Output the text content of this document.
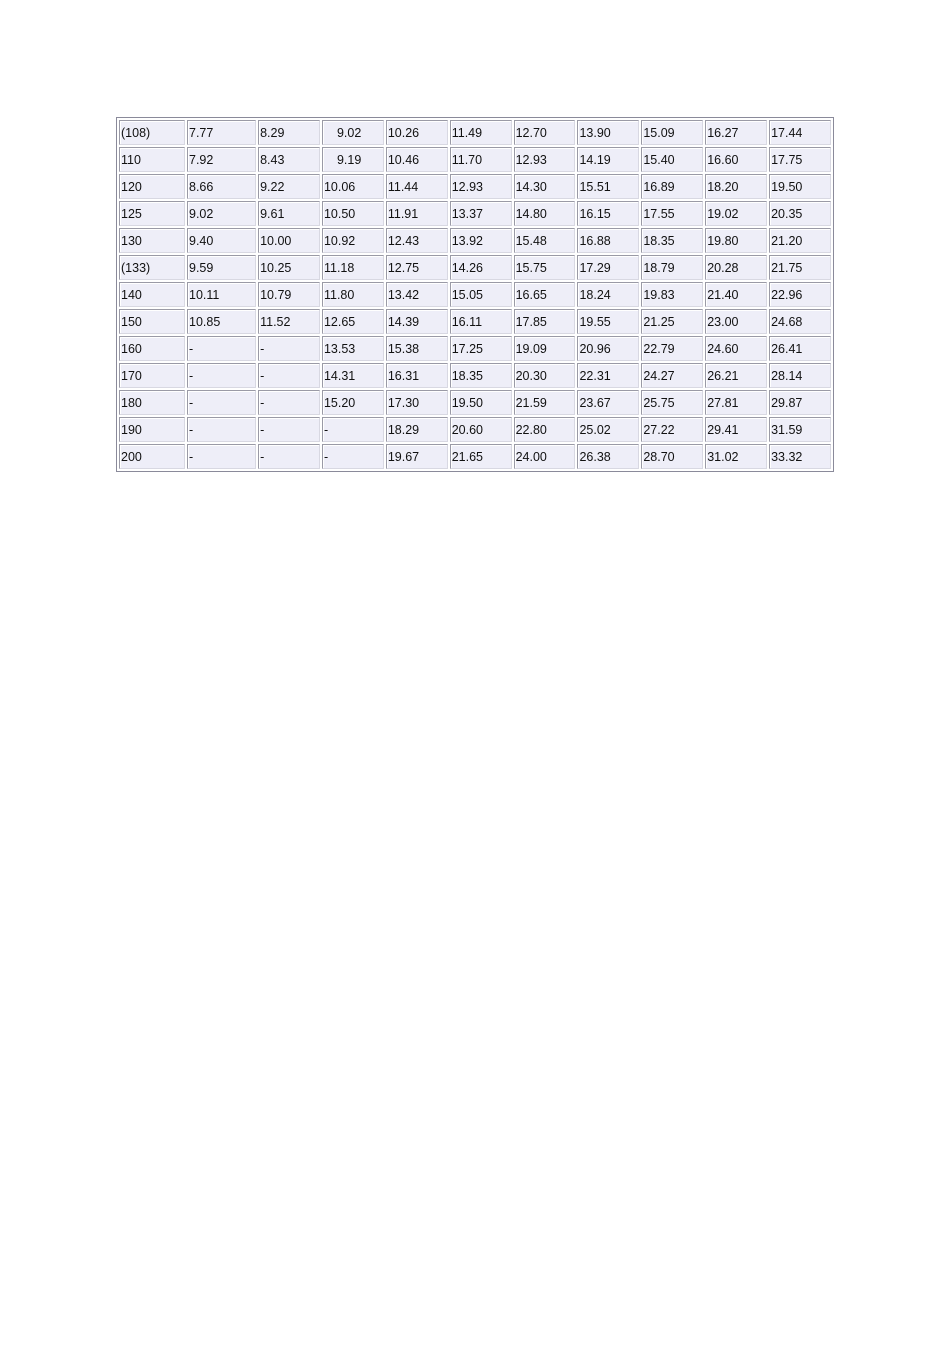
(108)	7.77	8.29	9.02	10.26	11.49	12.70	13.90	15.09	16.27	17.44
110	7.92	8.43	9.19	10.46	11.70	12.93	14.19	15.40	16.60	17.75
120	8.66	9.22	10.06	11.44	12.93	14.30	15.51	16.89	18.20	19.50
125	9.02	9.61	10.50	11.91	13.37	14.80	16.15	17.55	19.02	20.35
130	9.40	10.00	10.92	12.43	13.92	15.48	16.88	18.35	19.80	21.20
(133)	9.59	10.25	11.18	12.75	14.26	15.75	17.29	18.79	20.28	21.75
140	10.11	10.79	11.80	13.42	15.05	16.65	18.24	19.83	21.40	22.96
150	10.85	11.52	12.65	14.39	16.11	17.85	19.55	21.25	23.00	24.68
160	-	-	13.53	15.38	17.25	19.09	20.96	22.79	24.60	26.41
170	-	-	14.31	16.31	18.35	20.30	22.31	24.27	26.21	28.14
180	-	-	15.20	17.30	19.50	21.59	23.67	25.75	27.81	29.87
190	-	-	-	18.29	20.60	22.80	25.02	27.22	29.41	31.59
200	-	-	-	19.67	21.65	24.00	26.38	28.70	31.02	33.32
